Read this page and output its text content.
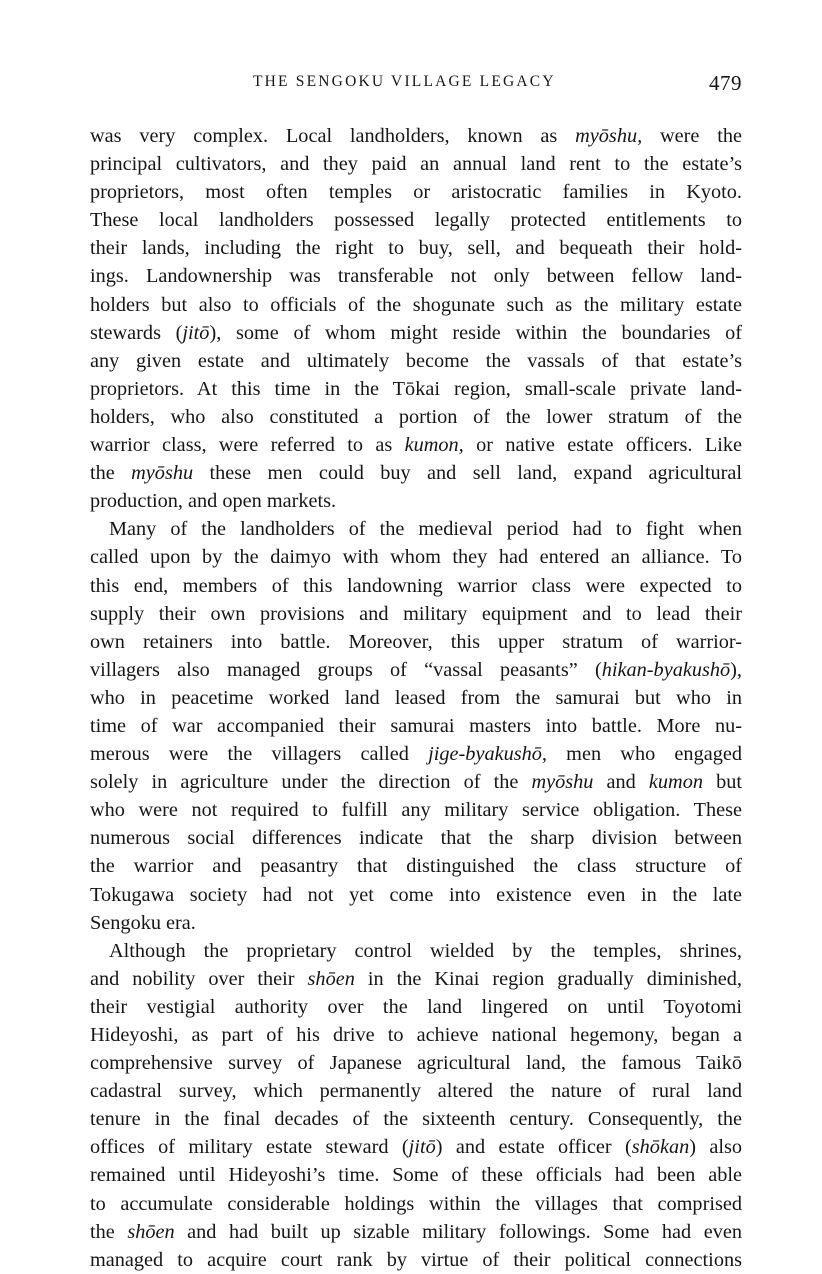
THE SENGOKU VILLAGE LEGACY	479
was very complex. Local landholders, known as myōshu, were the
principal cultivators, and they paid an annual land rent to the estate’s
proprietors, most often temples or aristocratic families in Kyoto.
These local landholders possessed legally protected entitlements to
their lands, including the right to buy, sell, and bequeath their hold-
ings. Landownership was transferable not only between fellow land-
holders but also to officials of the shogunate such as the military estate
stewards (jitō), some of whom might reside within the boundaries of
any given estate and ultimately become the vassals of that estate’s
proprietors. At this time in the Tōkai region, small-scale private land-
holders, who also constituted a portion of the lower stratum of the
warrior class, were referred to as kumon, or native estate officers. Like
the myōshu these men could buy and sell land, expand agricultural
production, and open markets.
Many of the landholders of the medieval period had to fight when
called upon by the daimyo with whom they had entered an alliance. To
this end, members of this landowning warrior class were expected to
supply their own provisions and military equipment and to lead their
own retainers into battle. Moreover, this upper stratum of warrior-
villagers also managed groups of “vassal peasants” (hikan-byakushō),
who in peacetime worked land leased from the samurai but who in
time of war accompanied their samurai masters into battle. More nu-
merous were the villagers called jige-byakushō, men who engaged
solely in agriculture under the direction of the myōshu and kumon but
who were not required to fulfill any military service obligation. These
numerous social differences indicate that the sharp division between
the warrior and peasantry that distinguished the class structure of
Tokugawa society had not yet come into existence even in the late
Sengoku era.
Although the proprietary control wielded by the temples, shrines,
and nobility over their shōen in the Kinai region gradually diminished,
their vestigial authority over the land lingered on until Toyotomi
Hideyoshi, as part of his drive to achieve national hegemony, began a
comprehensive survey of Japanese agricultural land, the famous Taikō
cadastral survey, which permanently altered the nature of rural land
tenure in the final decades of the sixteenth century. Consequently, the
offices of military estate steward (jitō) and estate officer (shōkan) also
remained until Hideyoshi’s time. Some of these officials had been able
to accumulate considerable holdings within the villages that comprised
the shōen and had built up sizable military followings. Some had even
managed to acquire court rank by virtue of their political connections
